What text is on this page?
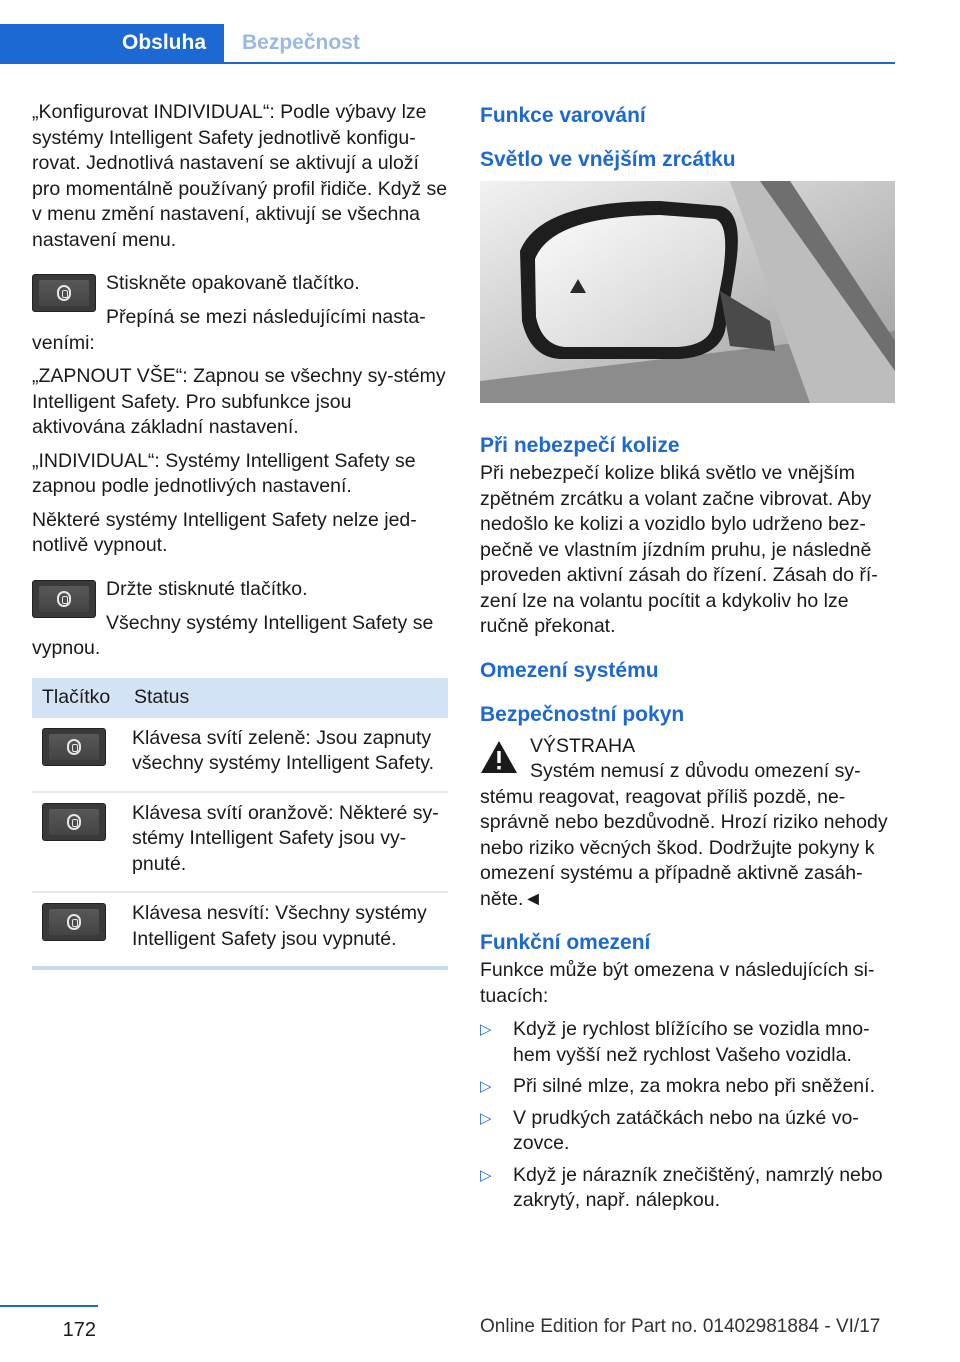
Obsluha	Bezpečnost

„Konfigurovat INDIVIDUAL“: Podle výbavy lze systémy Intelligent Safety jednotlivě konfigu‐rovat. Jednotlivá nastavení se aktivují a uloží pro momentálně používaný profil řidiče. Když se v menu změní nastavení, aktivují se všechna nastavení menu.

Stiskněte opakovaně tlačítko.

Přepíná se mezi následujícími nasta‐veními:

„ZAPNOUT VŠE“: Zapnou se všechny sy‐stémy Intelligent Safety. Pro subfunkce jsou aktivována základní nastavení.

„INDIVIDUAL“: Systémy Intelligent Safety se zapnou podle jednotlivých nastavení.

Některé systémy Intelligent Safety nelze jed‐notlivě vypnout.

Držte stisknuté tlačítko.

Všechny systémy Intelligent Safety se vypnou.

Tlačítko	Status

	Klávesa svítí zeleně: Jsou zapnuty všechny systémy Intelligent Safety.

	Klávesa svítí oranžově: Některé sy‐stémy Intelligent Safety jsou vy‐pnuté.

	Klávesa nesvítí: Všechny systémy Intelligent Safety jsou vypnuté.
Funkce varování
Světlo ve vnějším zrcátku
Při nebezpečí kolize

Při nebezpečí kolize bliká světlo ve vnějším zpětném zrcátku a volant začne vibrovat. Aby nedošlo ke kolizi a vozidlo bylo udrženo bez‐pečně ve vlastním jízdním pruhu, je následně proveden aktivní zásah do řízení. Zásah do ří‐zení lze na volantu pocítit a kdykoliv ho lze ručně překonat.

Omezení systému
Bezpečnostní pokyn

VÝSTRAHA

Systém nemusí z důvodu omezení sy‐stému reagovat, reagovat příliš pozdě, ne‐správně nebo bezdůvodně. Hrozí riziko nehody nebo riziko věcných škod. Dodržujte pokyny k omezení systému a případně aktivně zasáh‐něte.◄

Funkční omezení

Funkce může být omezena v následujících si‐tuacích:

▷ Když je rychlost blížícího se vozidla mno‐hem vyšší než rychlost Vašeho vozidla.
▷ Při silné mlze, za mokra nebo při sněžení.
▷ V prudkých zatáčkách nebo na úzké vo‐zovce.
▷ Když je nárazník znečištěný, namrzlý nebo zakrytý, např. nálepkou.
172	Online Edition for Part no. 01402981884 - VI/17
